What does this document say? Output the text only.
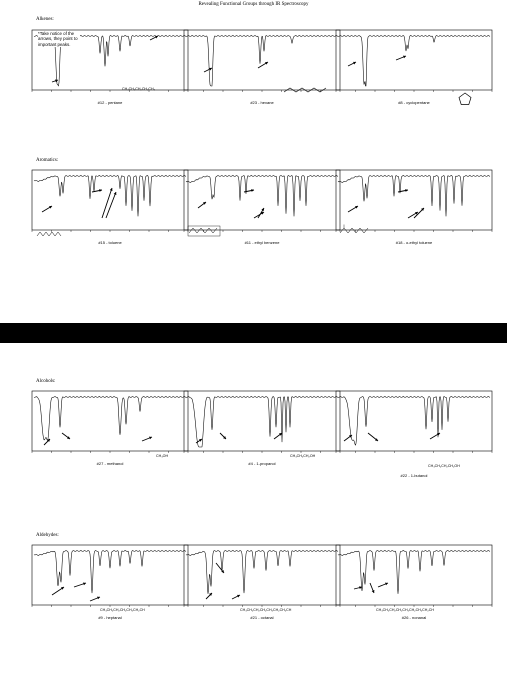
Revealing Functional Groups through IR Spectroscopy
Alkenes:
*Take notice of the arrows, they point to important peaks.
CH₃CH₂CH₂CH₂CH₃
#12 - pentane	#23 - hexane	#8 - cyclopentane
Aromatics:
#15 - toluene	#11 - ethyl benzene	#18 - o-ethyl toluene
Alcohols:
CH₃OH
#27 - methanol
CH₃CH₂CH₂OH
#4 - 1-propanol	CH₃CH₂CH₂CH₂OH
#22 - 1-butanol
Aldehydes:
CH₃CH₂CH₂CH₂CH₂CH₂CH
#9 - heptanal
CH₃CH₂CH₂CH₂CH₂CH₂CH₂CH
#21 - octanal
CH₃CH₂CH₂CH₂CH₂CH₂CH₂CH₂CH
#26 - nonanal
